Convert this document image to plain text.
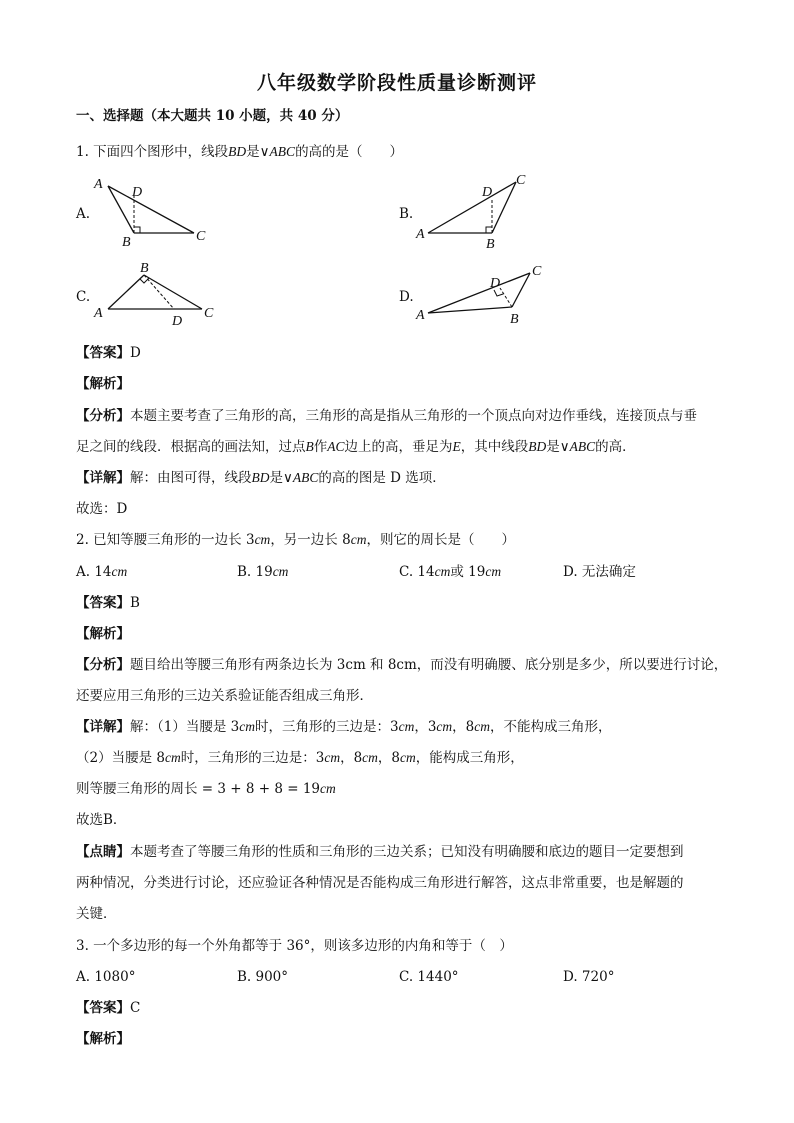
八年级数学阶段性质量诊断测评
一、选择题（本大题共 10 小题，共 40 分）
1. 下面四个图形中，线段BD是∨ABC的高的是（　　）
A.
A
D
B	C
B.
D
C
A
B
C.
B
A
D
C
D.
D
C
A	B
【答案】D
【解析】
【分析】本题主要考查了三角形的高，三角形的高是指从三角形的一个顶点向对边作垂线，连接顶点与垂
足之间的线段．根据高的画法知，过点B作AC边上的高，垂足为E，其中线段BD是∨ABC的高．
【详解】解：由图可得，线段BD是∨ABC的高的图是 D 选项．
故选：D
2. 已知等腰三角形的一边长 3cm，另一边长 8cm，则它的周长是（　　）
A. 14cm	B. 19cm	C. 14cm或 19cm	D. 无法确定
【答案】B
【解析】
【分析】题目给出等腰三角形有两条边长为 3cm 和 8cm，而没有明确腰、底分别是多少，所以要进行讨论，
还要应用三角形的三边关系验证能否组成三角形．
【详解】解：（1）当腰是 3cm时，三角形的三边是：3cm，3cm，8cm，不能构成三角形，
（2）当腰是 8cm时，三角形的三边是：3cm，8cm，8cm，能构成三角形，
则等腰三角形的周长 = 3 + 8 + 8 = 19cm
故选B．
【点睛】本题考查了等腰三角形的性质和三角形的三边关系；已知没有明确腰和底边的题目一定要想到
两种情况，分类进行讨论，还应验证各种情况是否能构成三角形进行解答，这点非常重要，也是解题的
关键．
3. 一个多边形的每一个外角都等于 36°，则该多边形的内角和等于（　）
A. 1080°	B. 900°	C. 1440°	D. 720°
【答案】C
【解析】
